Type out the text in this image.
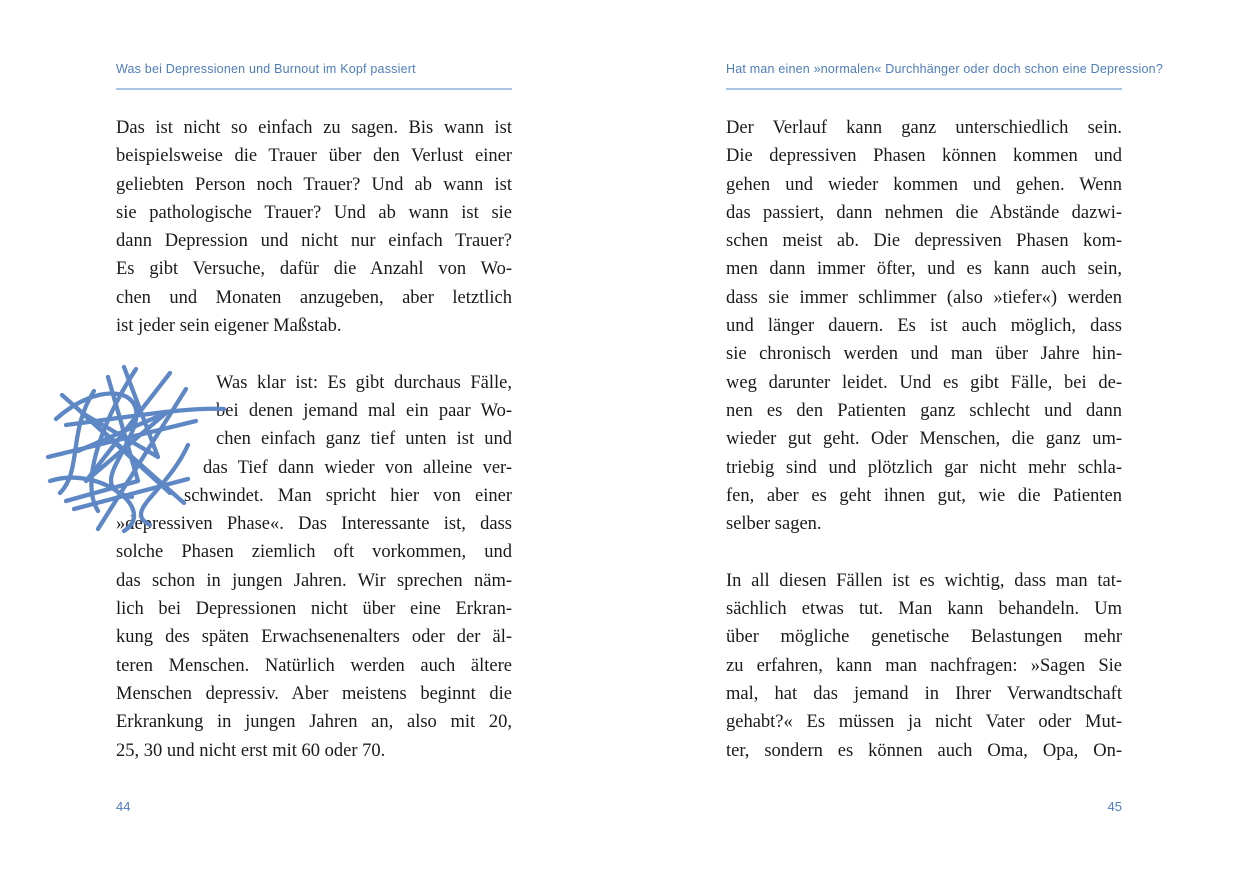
Was bei Depressionen und Burnout im Kopf passiert
Das ist nicht so einfach zu sagen. Bis wann ist
beispielsweise die Trauer über den Verlust einer
geliebten Person noch Trauer? Und ab wann ist
sie pathologische Trauer? Und ab wann ist sie
dann Depression und nicht nur einfach Trauer?
Es gibt Versuche, dafür die Anzahl von Wo-
chen und Monaten anzugeben, aber letztlich
ist jeder sein eigener Maßstab.
Was klar ist: Es gibt durchaus Fälle,
bei denen jemand mal ein paar Wo-
chen einfach ganz tief unten ist und
das Tief dann wieder von alleine ver-
schwindet. Man spricht hier von einer
»depressiven Phase«. Das Interessante ist, dass
solche Phasen ziemlich oft vorkommen, und
das schon in jungen Jahren. Wir sprechen näm-
lich bei Depressionen nicht über eine Erkran-
kung des späten Erwachsenenalters oder der äl-
teren Menschen. Natürlich werden auch ältere
Menschen depressiv. Aber meistens beginnt die
Erkrankung in jungen Jahren an, also mit 20,
25, 30 und nicht erst mit 60 oder 70.
44
Hat man einen »normalen« Durchhänger oder doch schon eine Depression?
Der Verlauf kann ganz unterschiedlich sein.
Die depressiven Phasen können kommen und
gehen und wieder kommen und gehen. Wenn
das passiert, dann nehmen die Abstände dazwi-
schen meist ab. Die depressiven Phasen kom-
men dann immer öfter, und es kann auch sein,
dass sie immer schlimmer (also »tiefer«) werden
und länger dauern. Es ist auch möglich, dass
sie chronisch werden und man über Jahre hin-
weg darunter leidet. Und es gibt Fälle, bei de-
nen es den Patienten ganz schlecht und dann
wieder gut geht. Oder Menschen, die ganz um-
triebig sind und plötzlich gar nicht mehr schla-
fen, aber es geht ihnen gut, wie die Patienten
selber sagen.
In all diesen Fällen ist es wichtig, dass man tat-
sächlich etwas tut. Man kann behandeln. Um
über mögliche genetische Belastungen mehr
zu erfahren, kann man nachfragen: »Sagen Sie
mal, hat das jemand in Ihrer Verwandtschaft
gehabt?« Es müssen ja nicht Vater oder Mut-
ter, sondern es können auch Oma, Opa, On-
45
